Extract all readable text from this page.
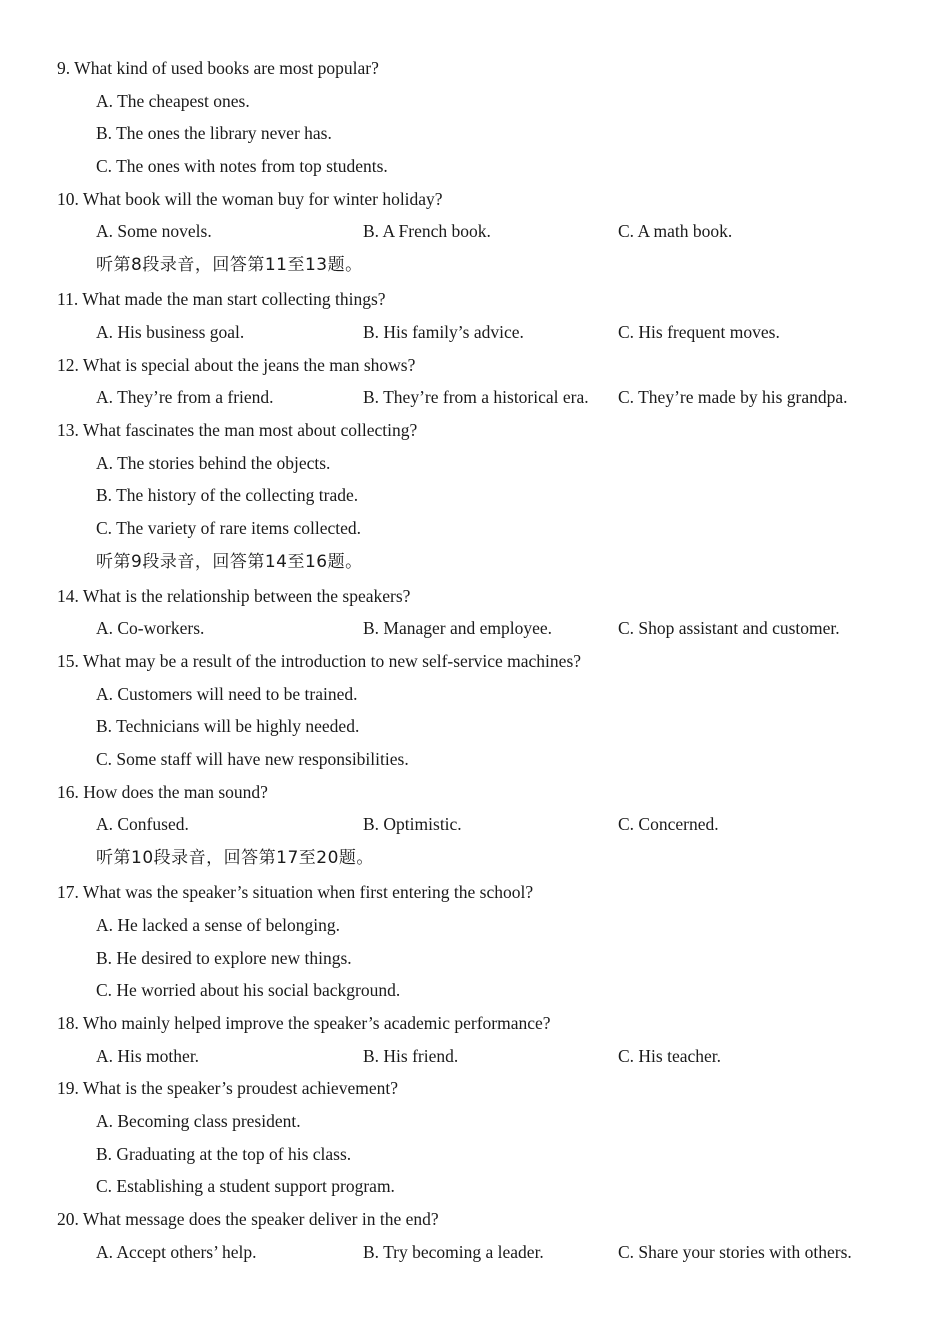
9. What kind of used books are most popular?
A. The cheapest ones.
B. The ones the library never has.
C. The ones with notes from top students.
10. What book will the woman buy for winter holiday?
A. Some novels.	B. A French book.	C. A math book.
听第8段录音，回答第11至13题。
11. What made the man start collecting things?
A. His business goal.	B. His family’s advice.	C. His frequent moves.
12. What is special about the jeans the man shows?
A. They’re from a friend.	B. They’re from a historical era. C. They’re made by his grandpa.
13. What fascinates the man most about collecting?
A. The stories behind the objects.
B. The history of the collecting trade.
C. The variety of rare items collected.
听第9段录音，回答第14至16题。
14. What is the relationship between the speakers?
A. Co-workers.	B. Manager and employee.	C. Shop assistant and customer.
15. What may be a result of the introduction to new self-service machines?
A. Customers will need to be trained.
B. Technicians will be highly needed.
C. Some staff will have new responsibilities.
16. How does the man sound?
A. Confused.	B. Optimistic.	C. Concerned.
听第10段录音，回答第17至20题。
17. What was the speaker’s situation when first entering the school?
A. He lacked a sense of belonging.
B. He desired to explore new things.
C. He worried about his social background.
18. Who mainly helped improve the speaker’s academic performance?
A. His mother.	B. His friend.	C. His teacher.
19. What is the speaker’s proudest achievement?
A. Becoming class president.
B. Graduating at the top of his class.
C. Establishing a student support program.
20. What message does the speaker deliver in the end?
A. Accept others’ help.	B. Try becoming a leader.	C. Share your stories with others.
